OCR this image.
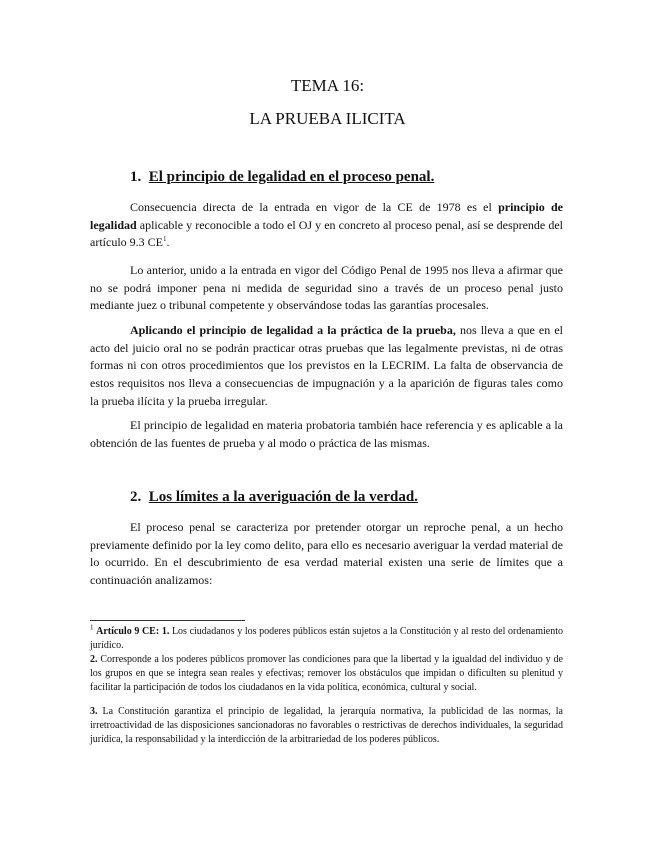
TEMA 16:
LA PRUEBA ILICITA
1. El principio de legalidad en el proceso penal.

Consecuencia directa de la entrada en vigor de la CE de 1978 es el principio de legalidad aplicable y reconocible a todo el OJ y en concreto al proceso penal, así se desprende del artículo 9.3 $CE^1$.

Lo anterior, unido a la entrada en vigor del Código Penal de 1995 nos lleva a afirmar que no se podrá imponer pena ni medida de seguridad sino a través de un proceso penal justo mediante juez o tribunal competente y observándose todas las garantías procesales.

Aplicando el principio de legalidad a la práctica de la prueba, nos lleva a que en el acto del juicio oral no se podrán practicar otras pruebas que las legalmente previstas, ni de otras formas ni con otros procedimientos que los previstos en la LECRIM. La falta de observancia de estos requisitos nos lleva a consecuencias de impugnación y a la aparición de figuras tales como la prueba ilícita y la prueba irregular.

El principio de legalidad en materia probatoria también hace referencia y es aplicable a la obtención de las fuentes de prueba y al modo o práctica de las mismas.

2. Los límites a la averiguación de la verdad.

El proceso penal se caracteriza por pretender otorgar un reproche penal, a un hecho previamente definido por la ley como delito, para ello es necesario averiguar la verdad material de lo ocurrido. En el descubrimiento de esa verdad material existen una serie de límites que a continuación analizamos:

$^1$ Artículo 9 CE: 1. Los ciudadanos y los poderes públicos están sujetos a la Constitución y al resto del ordenamiento jurídico.

2. Corresponde a los poderes públicos promover las condiciones para que la libertad y la igualdad del individuo y de los grupos en que se integra sean reales y efectivas; remover los obstáculos que impidan o dificulten su plenitud y facilitar la participación de todos los ciudadanos en la vida política, económica, cultural y social.

3. La Constitución garantiza el principio de legalidad, la jerarquía normativa, la publicidad de las normas, la irretroactividad de las disposiciones sancionadoras no favorables o restrictivas de derechos individuales, la seguridad jurídica, la responsabilidad y la interdicción de la arbitrariedad de los poderes públicos.
